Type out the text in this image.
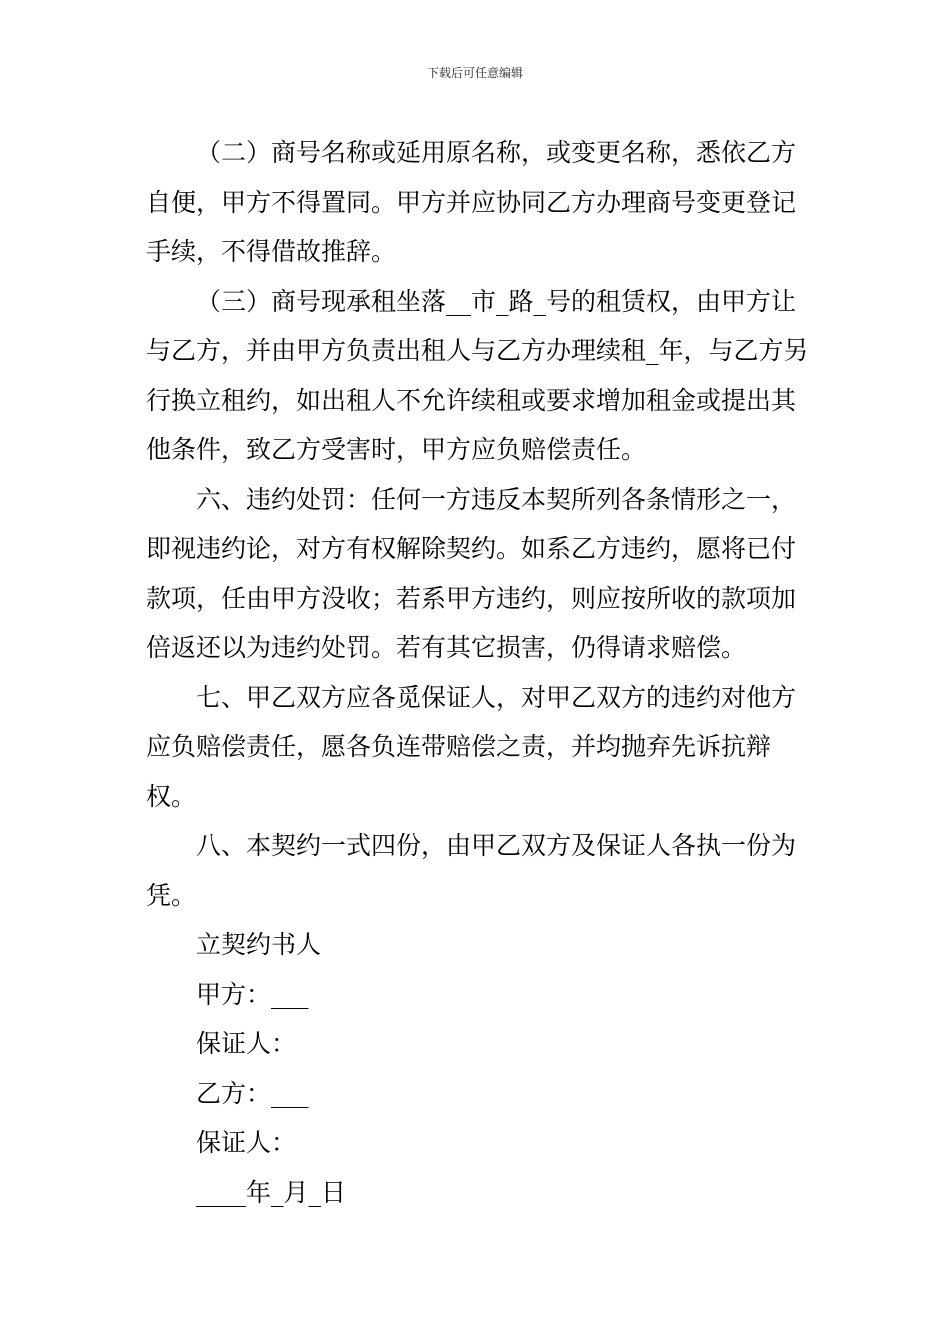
下载后可任意编辑

（二）商号名称或延用原名称，或变更名称，悉依乙方自便，甲方不得置同。甲方并应协同乙方办理商号变更登记手续，不得借故推辞。

（三）商号现承租坐落__市_路_号的租赁权，由甲方让与乙方，并由甲方负责出租人与乙方办理续租_年，与乙方另行换立租约，如出租人不允许续租或要求增加租金或提出其他条件，致乙方受害时，甲方应负赔偿责任。

六、违约处罚：任何一方违反本契所列各条情形之一，即视违约论，对方有权解除契约。如系乙方违约，愿将已付款项，任由甲方没收；若系甲方违约，则应按所收的款项加倍返还以为违约处罚。若有其它损害，仍得请求赔偿。

七、甲乙双方应各觅保证人，对甲乙双方的违约对他方应负赔偿责任，愿各负连带赔偿之责，并均抛弃先诉抗辩权。

八、本契约一式四份，由甲乙双方及保证人各执一份为凭。

立契约书人

甲方：___

保证人：

乙方：___

保证人：

____年_月_日
